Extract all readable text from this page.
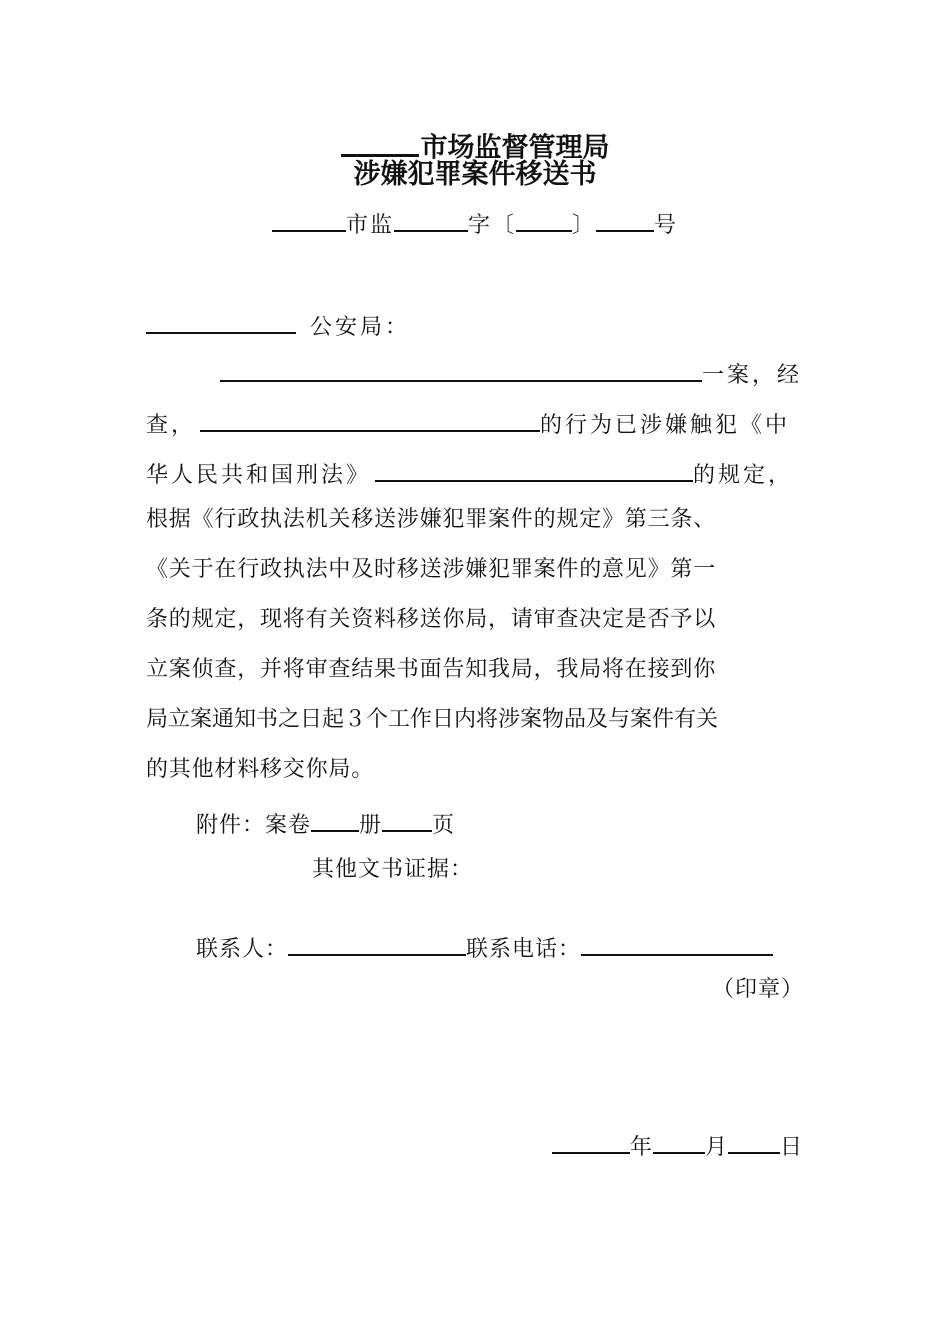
市场监督管理局
涉嫌犯罪案件移送书
市监	字〔	〕	号
公安局：
一案，经
查，	的行为已涉嫌触犯《中
华人民共和国刑法》	的规定，
根据《行政执法机关移送涉嫌犯罪案件的规定》第三条、
《关于在行政执法中及时移送涉嫌犯罪案件的意见》第一
条的规定，现将有关资料移送你局，请审查决定是否予以
立案侦查，并将审查结果书面告知我局，我局将在接到你
局立案通知书之日起３个工作日内将涉案物品及与案件有关
的其他材料移交你局。
附件：案卷 册 页
其他文书证据：
联系人：	联系电话：
（印章）
年 月 日
